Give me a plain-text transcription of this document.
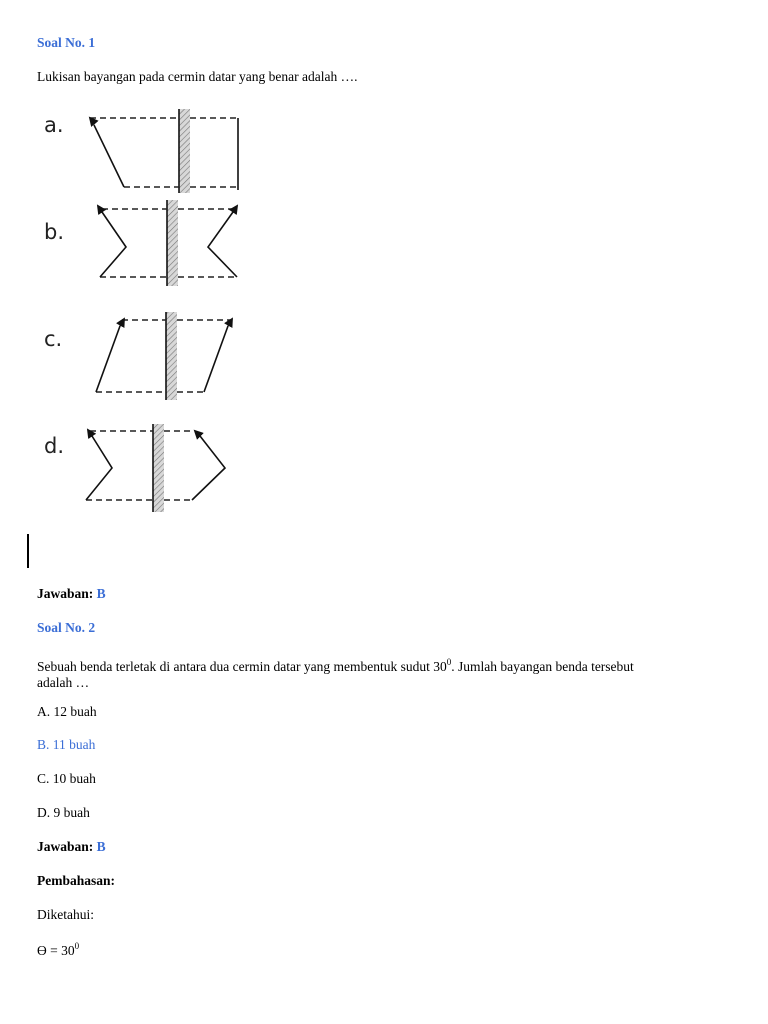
Soal No. 1
Lukisan bayangan pada cermin datar yang benar adalah ….
a.
b.
c.
d.
Jawaban: B
Soal No. 2
Sebuah benda terletak di antara dua cermin datar yang membentuk sudut $30^0$. Jumlah bayangan benda tersebut
adalah …
A. 12 buah
B. 11 buah
C. 10 buah
D. 9 buah
Jawaban: B
Pembahasan:
Diketahui:
$ϴ = 30^0$
